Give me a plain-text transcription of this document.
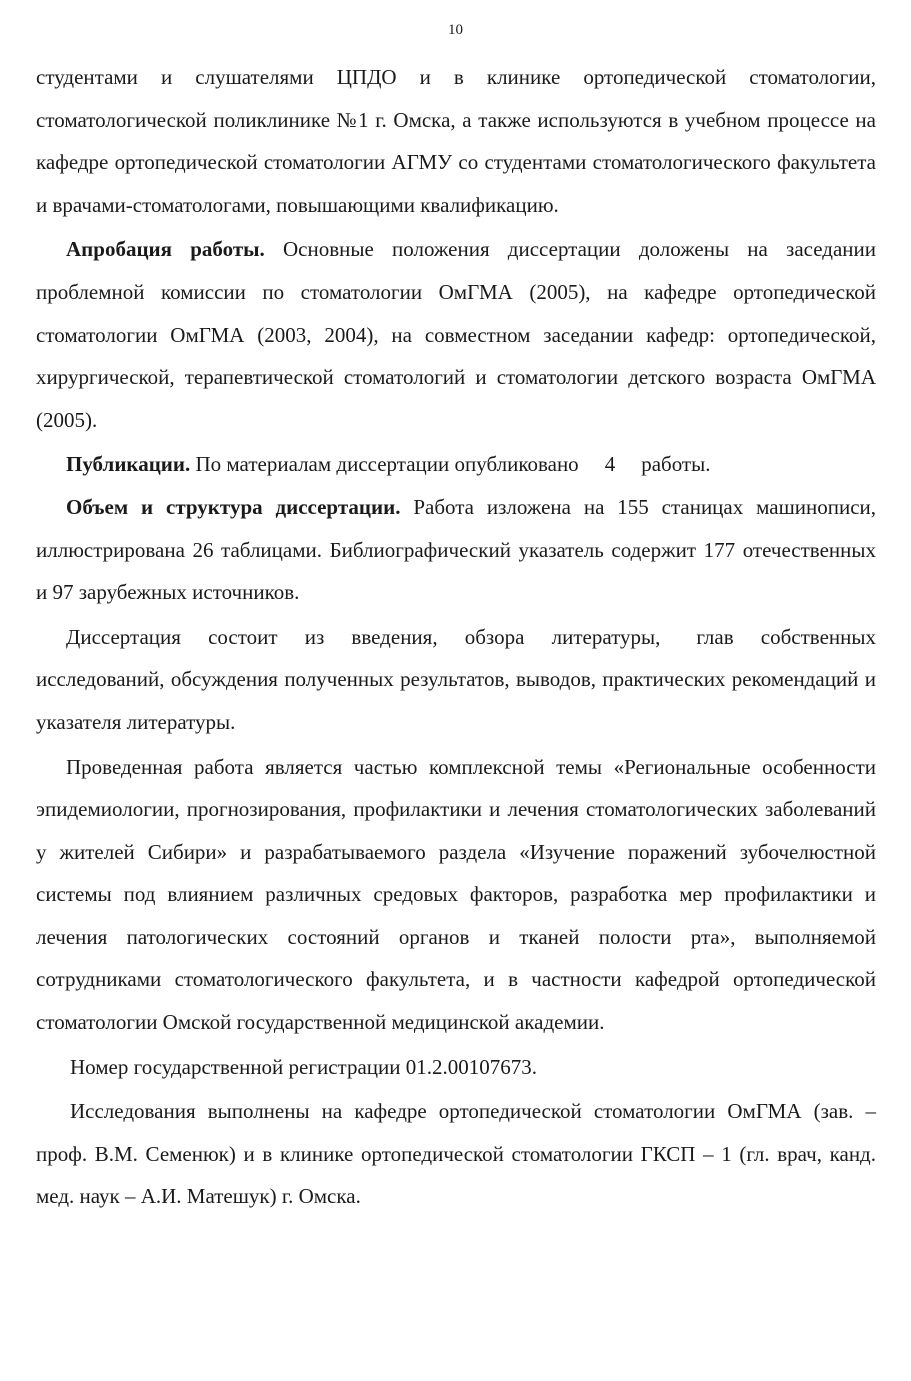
10

студентами и слушателями ЦПДО и в клинике ортопедической стоматологии, стоматологической поликлинике №1 г. Омска, а также используются в учебном процессе на кафедре ортопедической стоматологии АГМУ со студентами стоматологического факультета и врачами-стоматологами, повышающими квалификацию.

Апробация работы. Основные положения диссертации доложены на заседании проблемной комиссии по стоматологии ОмГМА (2005), на кафедре ортопедической стоматологии ОмГМА (2003, 2004), на совместном заседании кафедр: ортопедической, хирургической, терапевтической стоматологий и стоматологии детского возраста ОмГМА (2005).

Публикации. По материалам диссертации опубликовано 4 работы.

Объем и структура диссертации. Работа изложена на 155 станицах машинописи, иллюстрирована 26 таблицами. Библиографический указатель содержит 177 отечественных и 97 зарубежных источников.

Диссертация состоит из введения, обзора литературы, глав собственных исследований, обсуждения полученных результатов, выводов, практических рекомендаций и указателя литературы.

Проведенная работа является частью комплексной темы «Региональные особенности эпидемиологии, прогнозирования, профилактики и лечения стоматологических заболеваний у жителей Сибири» и разрабатываемого раздела «Изучение поражений зубочелюстной системы под влиянием различных средовых факторов, разработка мер профилактики и лечения патологических состояний органов и тканей полости рта», выполняемой сотрудниками стоматологического факультета, и в частности кафедрой ортопедической стоматологии Омской государственной медицинской академии.

Номер государственной регистрации 01.2.00107673.

Исследования выполнены на кафедре ортопедической стоматологии ОмГМА (зав. – проф. В.М. Семенюк) и в клинике ортопедической стоматологии ГКСП – 1 (гл. врач, канд. мед. наук – А.И. Матешук) г. Омска.
